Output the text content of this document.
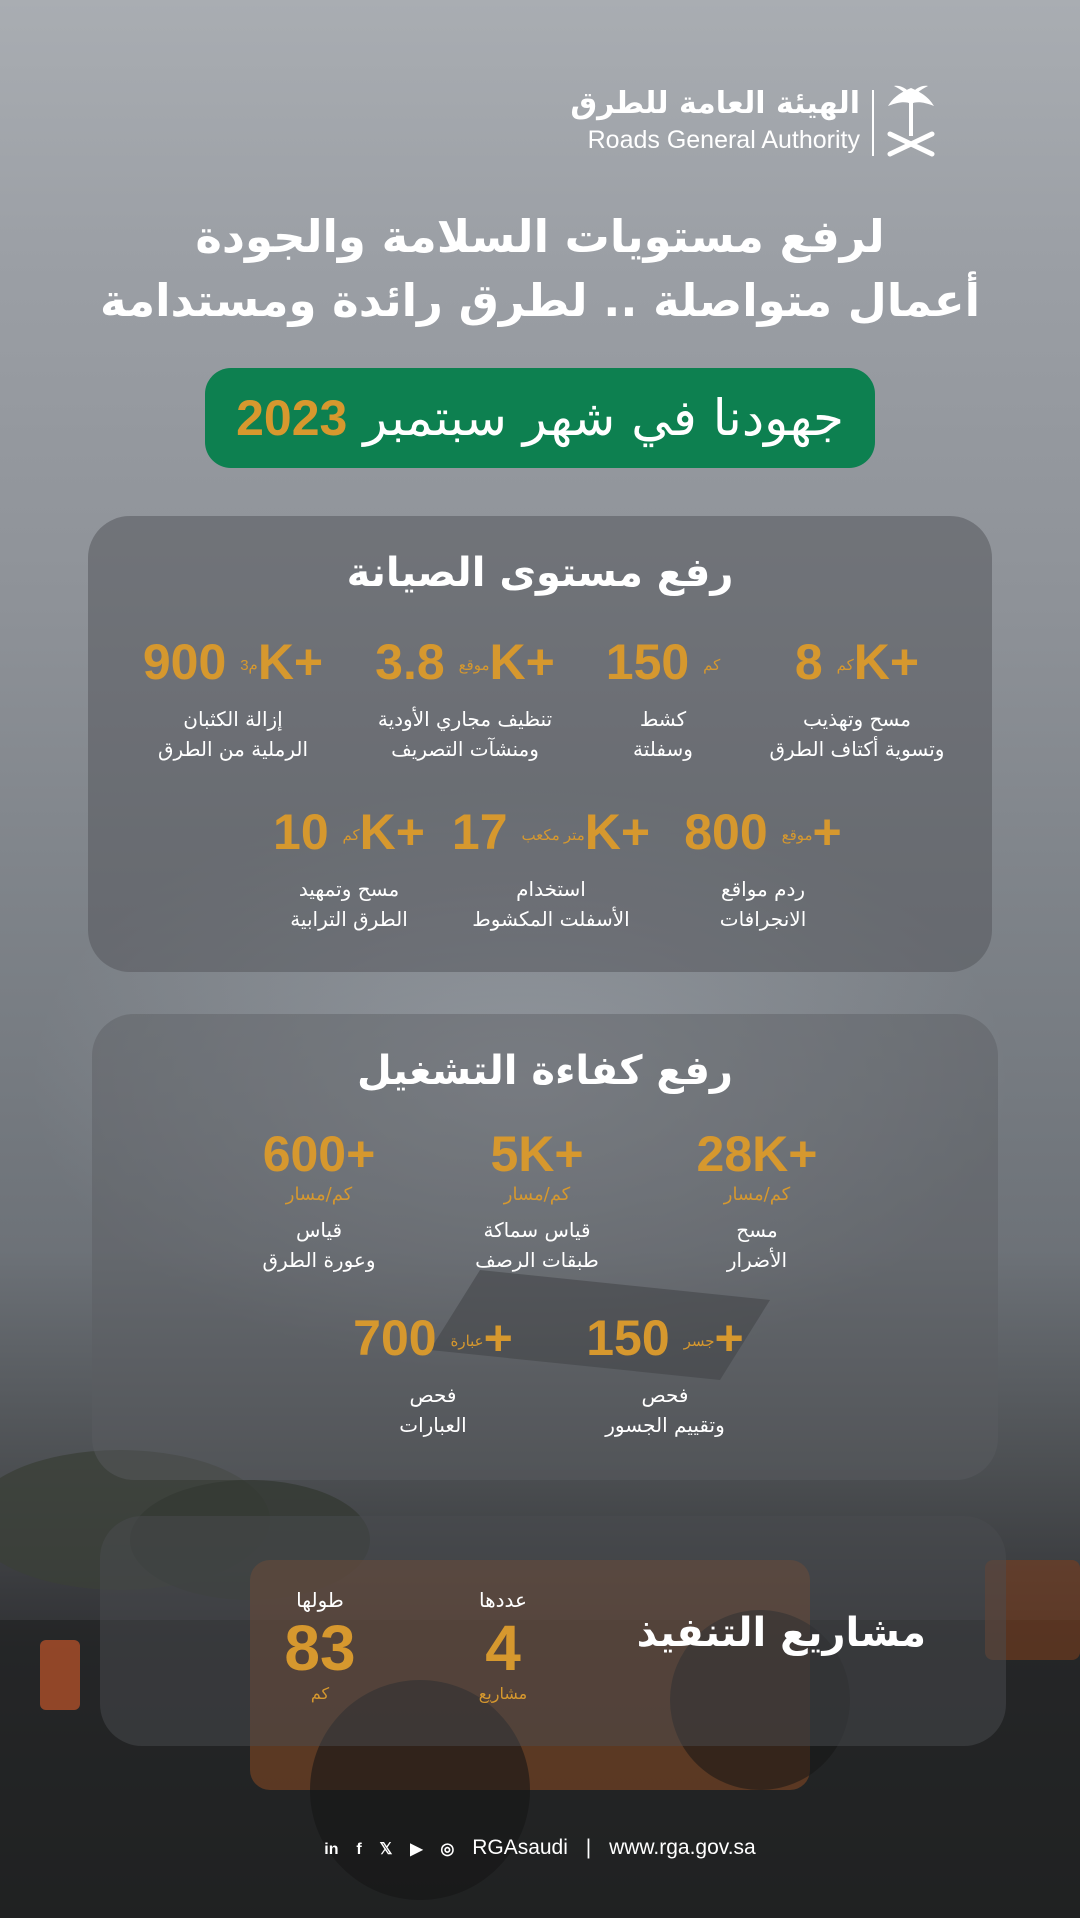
الهيئة العامة للطرق
Roads General Authority
لرفع مستويات السلامة والجودة
أعمال متواصلة .. لطرق رائدة ومستدامة
جهودنا في شهر سبتمبر 2023
رفع مستوى الصيانة
كم 8K+
مسح وتهذيب
وتسوية أكتاف الطرق
كم 150
كشط
وسفلتة
موقع 3.8K+
تنظيف مجاري الأودية
ومنشآت التصريف
م3 900K+
إزالة الكثبان
الرملية من الطرق
موقع 800+
ردم مواقع
الانجرافات
متر مكعب 17K+
استخدام
الأسفلت المكشوط
كم 10K+
مسح وتمهيد
الطرق الترابية
رفع كفاءة التشغيل
28K+
كم/مسار
مسح
الأضرار
5K+
كم/مسار
قياس سماكة
طبقات الرصف
600+
كم/مسار
قياس
وعورة الطرق
جسر 150+
فحص
وتقييم الجسور
عبارة 700+
فحص
العبارات
مشاريع التنفيذ
عددها
4
مشاريع
طولها
83
كم
in f 𝕏 ▶ ◎ RGAsaudi | www.rga.gov.sa
